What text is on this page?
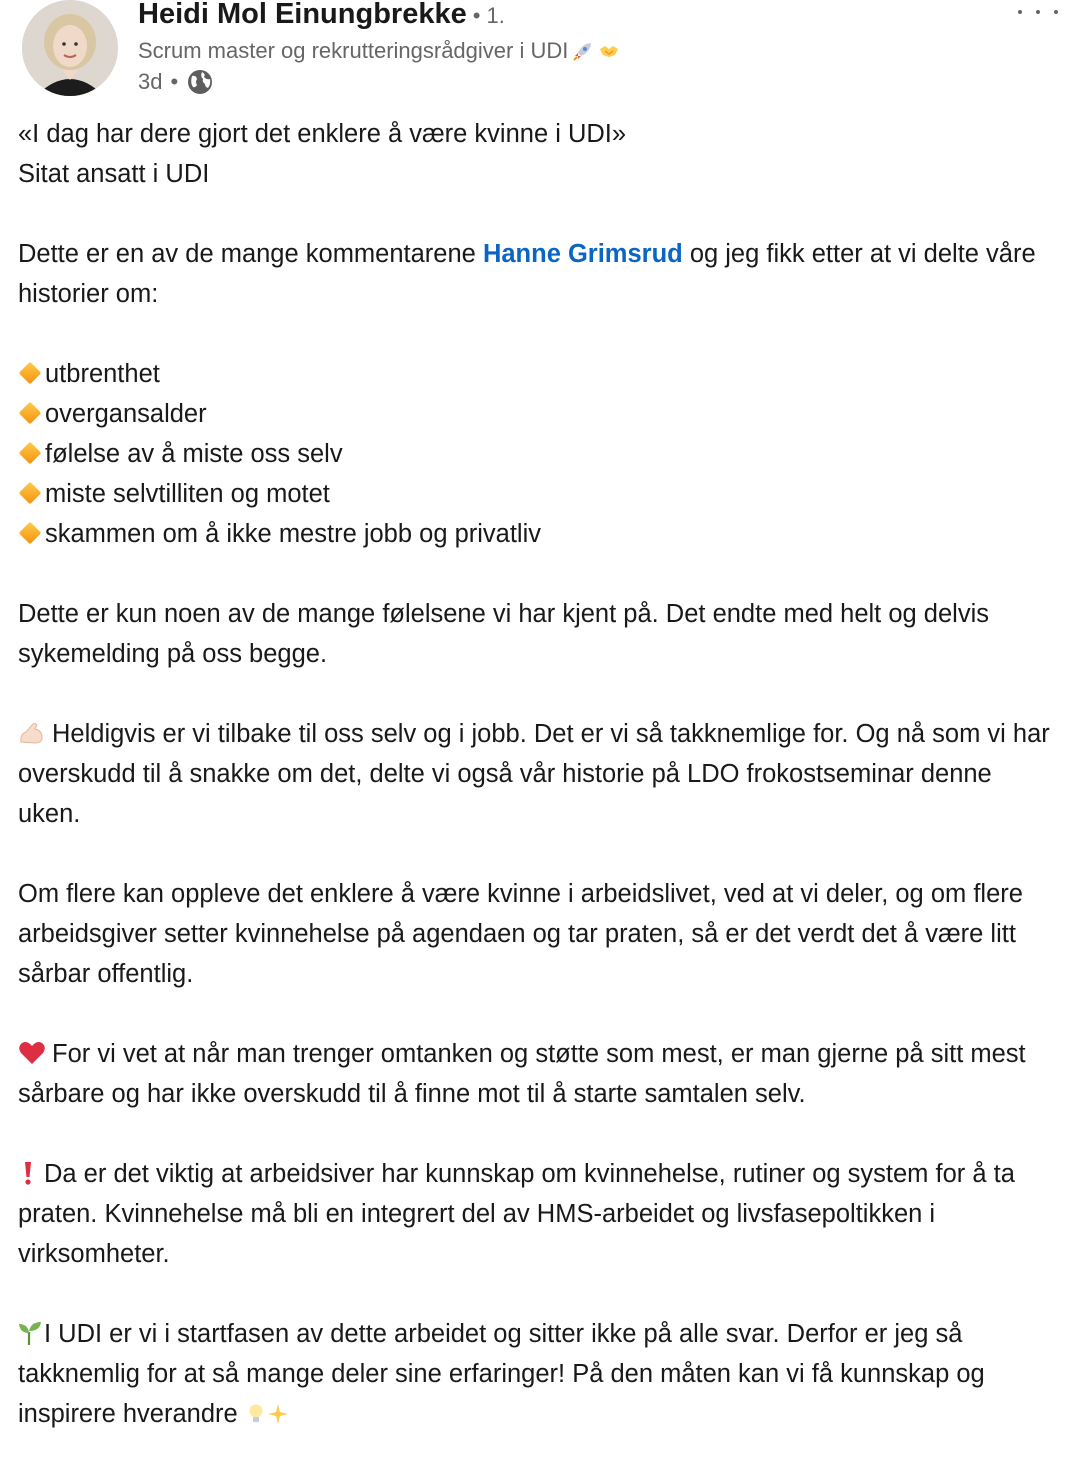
Heidi Mol Einungbrekke • 1.
Scrum master og rekrutteringsrådgiver i UDI
3d •

«I dag har dere gjort det enklere å være kvinne i UDI»

Sitat ansatt i UDI

Dette er en av de mange kommentarene Hanne Grimsrud og jeg fikk etter at vi delte våre historier om:

utbrenthet

overgansalder

følelse av å miste oss selv

miste selvtilliten og motet

skammen om å ikke mestre jobb og privatliv

Dette er kun noen av de mange følelsene vi har kjent på. Det endte med helt og delvis sykemelding på oss begge.

Heldigvis er vi tilbake til oss selv og i jobb. Det er vi så takknemlige for. Og nå som vi har overskudd til å snakke om det, delte vi også vår historie på LDO frokostseminar denne uken.

Om flere kan oppleve det enklere å være kvinne i arbeidslivet, ved at vi deler, og om flere arbeidsgiver setter kvinnehelse på agendaen og tar praten, så er det verdt det å være litt sårbar offentlig.

For vi vet at når man trenger omtanken og støtte som mest, er man gjerne på sitt mest sårbare og har ikke overskudd til å finne mot til å starte samtalen selv.

Da er det viktig at arbeidsiver har kunnskap om kvinnehelse, rutiner og system for å ta praten. Kvinnehelse må bli en integrert del av HMS-arbeidet og livsfasepoltikken i virksomheter.

I UDI er vi i startfasen av dette arbeidet og sitter ikke på alle svar. Derfor er jeg så takknemlig for at så mange deler sine erfaringer! På den måten kan vi få kunnskap og inspirere hverandre
